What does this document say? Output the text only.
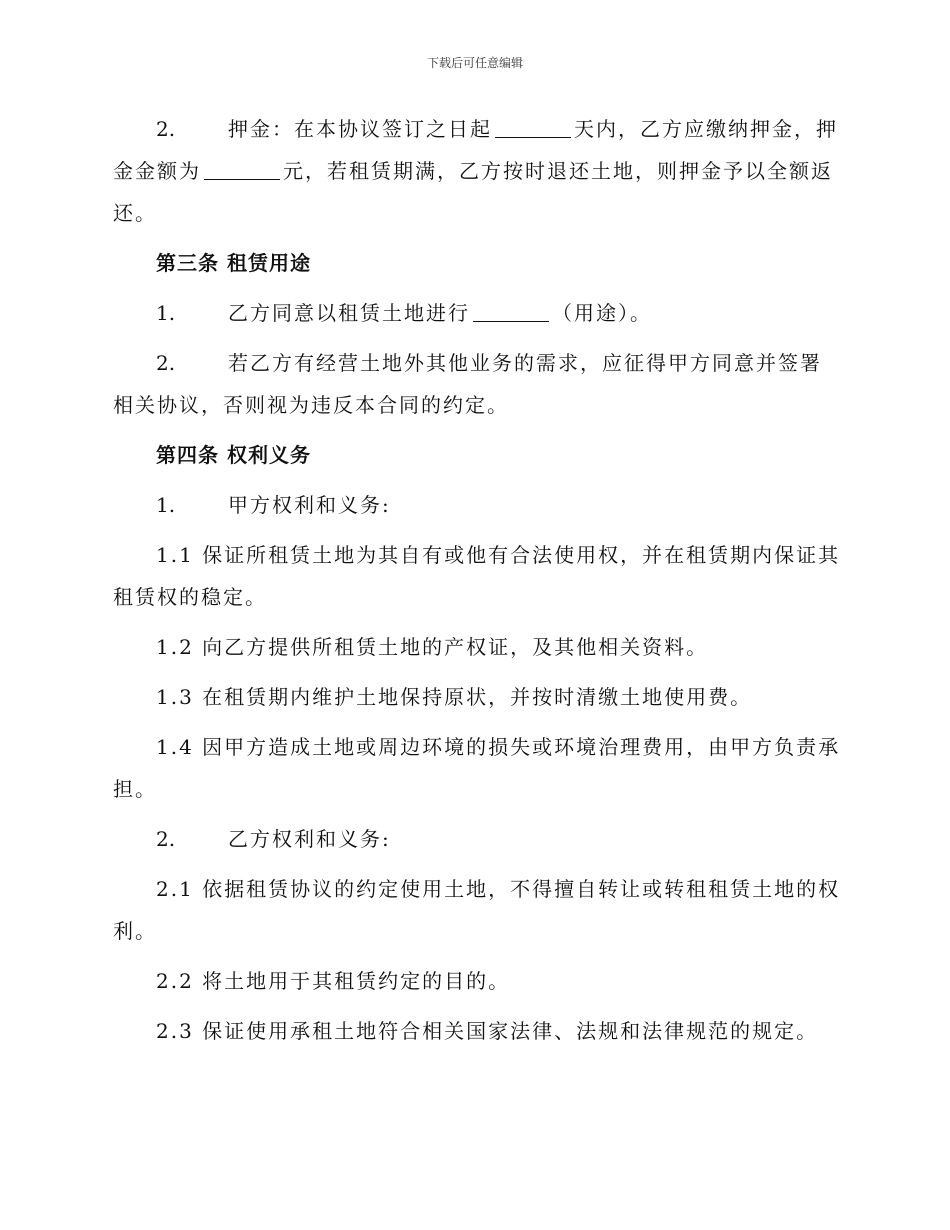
下载后可任意编辑

2.	押金：在本协议签订之日起	天内，乙方应缴纳押金，押金金额为	元，若租赁期满，乙方按时退还土地，则押金予以全额返还。

第三条 租赁用途

1.	乙方同意以租赁土地进行	（用途）。

2.	若乙方有经营土地外其他业务的需求，应征得甲方同意并签署相关协议，否则视为违反本合同的约定。

第四条 权利义务

1.	甲方权利和义务:

1.1 保证所租赁土地为其自有或他有合法使用权，并在租赁期内保证其租赁权的稳定。

1.2 向乙方提供所租赁土地的产权证，及其他相关资料。

1.3 在租赁期内维护土地保持原状，并按时清缴土地使用费。

1.4 因甲方造成土地或周边环境的损失或环境治理费用，由甲方负责承担。

2.	乙方权利和义务:

2.1 依据租赁协议的约定使用土地，不得擅自转让或转租租赁土地的权利。

2.2 将土地用于其租赁约定的目的。

2.3 保证使用承租土地符合相关国家法律、法规和法律规范的规定。
